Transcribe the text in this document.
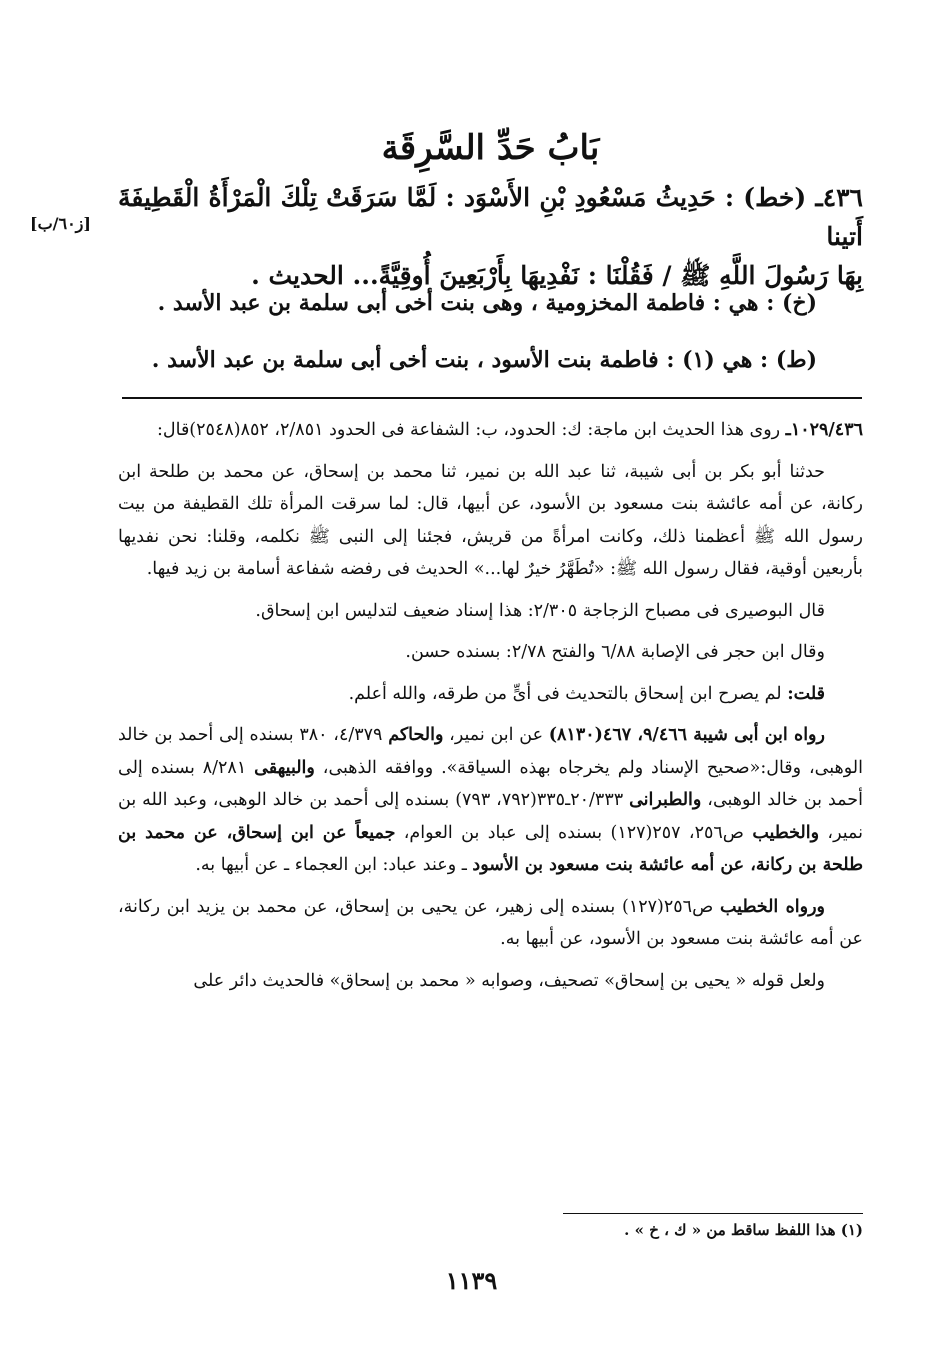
[ز٦٠/ب]
بَابُ حَدِّ السَّرِقَة

٤٣٦ـ (خط) : حَدِيثُ مَسْعُودِ بْنِ الأَسْوَد : لَمَّا سَرَقَتْ تِلْكَ الْمَرْأَةُ الْقَطِيفَةَ أَتينا

بِهَا رَسُولَ اللَّهِ ﷺ / فَقُلْنَا : نَفْدِيهَا بِأَرْبَعِينَ أُوقِيَّةً... الحديث .

(خ) : هي : فاطمة المخزومية ، وهى بنت أخى أبى سلمة بن عبد الأسد .

(ط) : هي (١) : فاطمة بنت الأسود ، بنت أخى أبى سلمة بن عبد الأسد .

١٠٢٩/٤٣٦ـ روى هذا الحديث ابن ماجة: ك: الحدود، ب: الشفاعة فى الحدود ٢/٨٥١، ٨٥٢(٢٥٤٨)قال:

حدثنا أبو بكر بن أبى شيبة، ثنا عبد الله بن نمير، ثنا محمد بن إسحاق، عن محمد بن طلحة ابن ركانة، عن أمه عائشة بنت مسعود بن الأسود، عن أبيها، قال: لما سرقت المرأة تلك القطيفة من بيت رسول الله ﷺ أعظمنا ذلك، وكانت امرأةً من قريش، فجئنا إلى النبى ﷺ نكلمه، وقلنا: نحن نفديها بأربعين أوقية، فقال رسول الله ﷺ: «تُطَهَّرُ خيرٌ لها...» الحديث فى رفضه شفاعة أسامة بن زيد فيها.

قال البوصيرى فى مصباح الزجاجة ٢/٣٠٥: هذا إسناد ضعيف لتدليس ابن إسحاق.

وقال ابن حجر فى الإصابة ٦/٨٨ والفتح ٢/٧٨: بسنده حسن.

قلت: لم يصرح ابن إسحاق بالتحديث فى أىٍّ من طرقه، والله أعلم.

رواه ابن أبى شيبة ٩/٤٦٦، ٤٦٧(٨١٣٠) عن ابن نمير، والحاكم ٤/٣٧٩، ٣٨٠ بسنده إلى أحمد بن خالد الوهبى، وقال:«صحيح الإسناد ولم يخرجاه بهذه السياقة». ووافقه الذهبى، والبيهقى ٨/٢٨١ بسنده إلى أحمد بن خالد الوهبى، والطبرانى ٢٠/٣٣٣ـ٣٣٥(٧٩٢، ٧٩٣) بسنده إلى أحمد بن خالد الوهبى، وعبد الله بن نمير، والخطيب ص٢٥٦، ٢٥٧(١٢٧) بسنده إلى عباد بن العوام، جميعاً عن ابن إسحاق، عن محمد بن طلحة بن ركانة، عن أمه عائشة بنت مسعود بن الأسود ـ وعند عباد: ابن العجماء ـ عن أبيها به.

ورواه الخطيب ص٢٥٦(١٢٧) بسنده إلى زهير، عن يحيى بن إسحاق، عن محمد بن يزيد ابن ركانة، عن أمه عائشة بنت مسعود بن الأسود، عن أبيها به.

ولعل قوله « يحيى بن إسحاق» تصحيف، وصوابه « محمد بن إسحاق» فالحديث دائر على

(١) هذا اللفظ ساقط من « ك ، خ » .
١١٣٩
